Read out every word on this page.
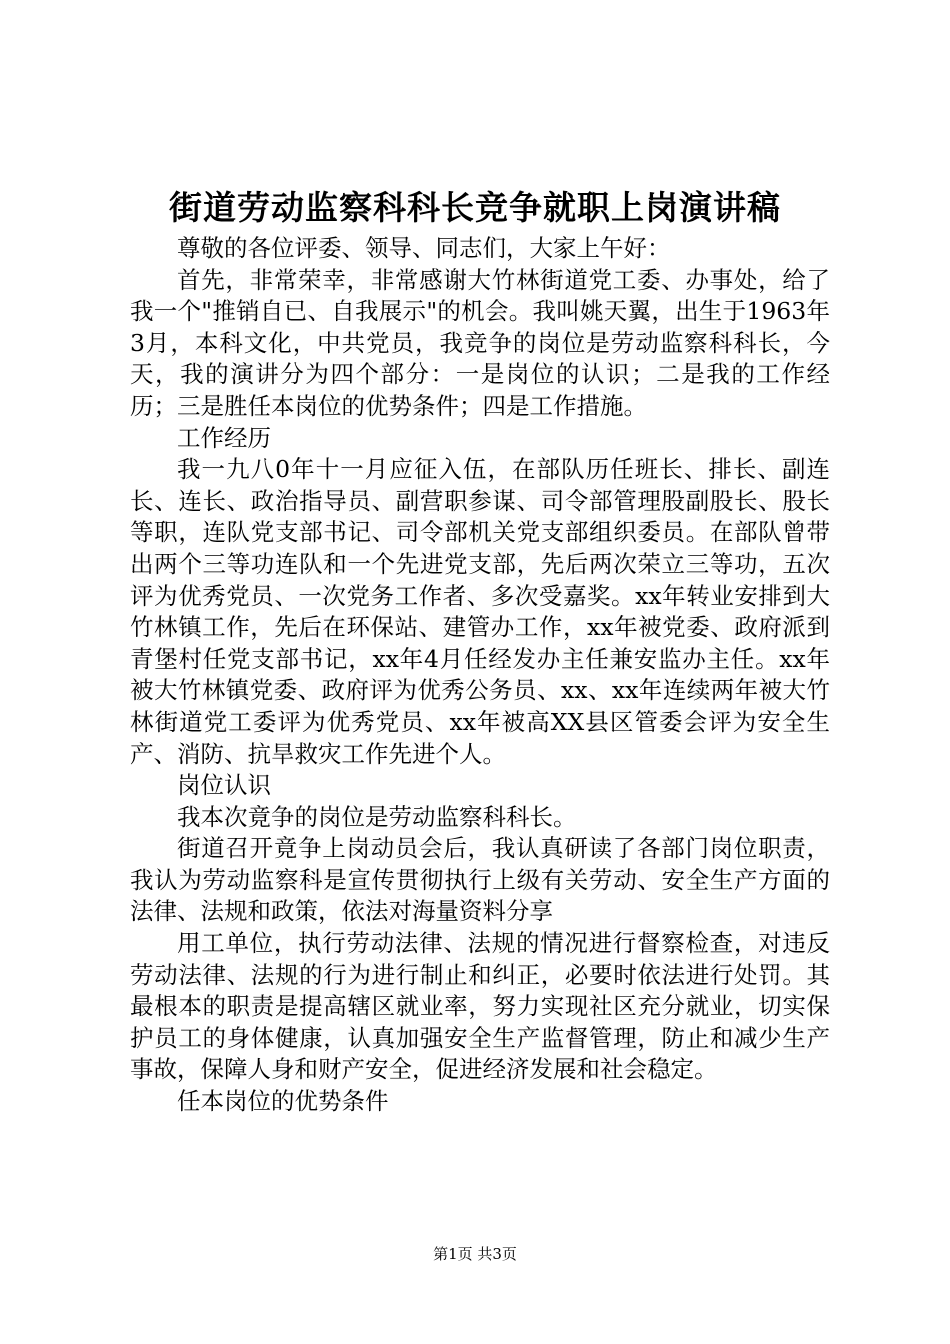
街道劳动监察科科长竞争就职上岗演讲稿

尊敬的各位评委、领导、同志们，大家上午好：

首先，非常荣幸，非常感谢大竹林街道党工委、办事处，给了我一个"推销自已、自我展示"的机会。我叫姚天翼，出生于1963年3月，本科文化，中共党员，我竞争的岗位是劳动监察科科长，今天，我的演讲分为四个部分：一是岗位的认识；二是我的工作经历；三是胜任本岗位的优势条件；四是工作措施。

工作经历

我一九八0年十一月应征入伍，在部队历任班长、排长、副连长、连长、政治指导员、副营职参谋、司令部管理股副股长、股长等职，连队党支部书记、司令部机关党支部组织委员。在部队曾带出两个三等功连队和一个先进党支部，先后两次荣立三等功，五次评为优秀党员、一次党务工作者、多次受嘉奖。xx年转业安排到大竹林镇工作，先后在环保站、建管办工作，xx年被党委、政府派到青堡村任党支部书记，xx年4月任经发办主任兼安监办主任。xx年被大竹林镇党委、政府评为优秀公务员、xx、xx年连续两年被大竹林街道党工委评为优秀党员、xx年被高XX县区管委会评为安全生产、消防、抗旱救灾工作先进个人。

岗位认识

我本次竟争的岗位是劳动监察科科长。

街道召开竟争上岗动员会后，我认真研读了各部门岗位职责，我认为劳动监察科是宣传贯彻执行上级有关劳动、安全生产方面的法律、法规和政策，依法对海量资料分享

用工单位，执行劳动法律、法规的情况进行督察检查，对违反劳动法律、法规的行为进行制止和纠正，必要时依法进行处罚。其最根本的职责是提高辖区就业率，努力实现社区充分就业，切实保护员工的身体健康，认真加强安全生产监督管理，防止和减少生产事故，保障人身和财产安全，促进经济发展和社会稳定。

任本岗位的优势条件

第1页 共3页
